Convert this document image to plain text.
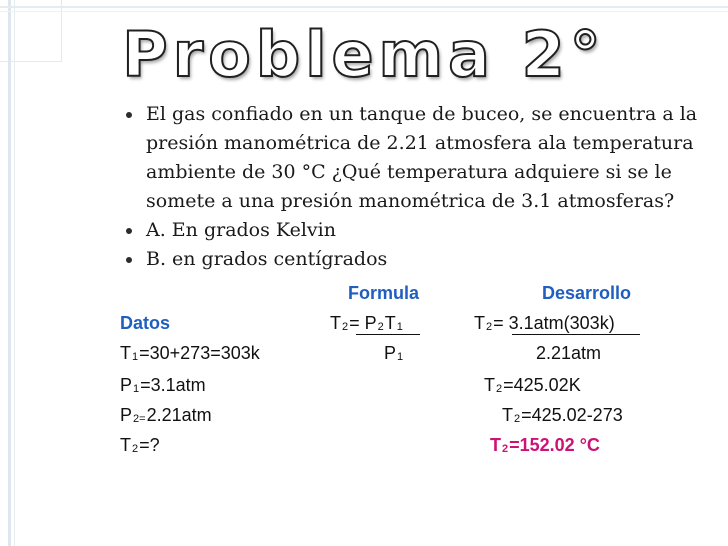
Problema 2°
El gas confiado en un tanque de buceo, se encuentra a la presión manométrica de 2.21 atmosfera ala temperatura ambiente de 30 °C ¿Qué temperatura adquiere si se le somete a una presión manométrica de 3.1 atmosferas?
A. En grados Kelvin
B. en grados centígrados
Formula	Desarrollo
Datos
T1=30+273=303k
P1=3.1atm
P2=2.21atm
T2=?
T2= P2T1
P1
T2= 3.1atm(303k)
2.21atm
T2=425.02K
T2=425.02-273
T2=152.02 °C
